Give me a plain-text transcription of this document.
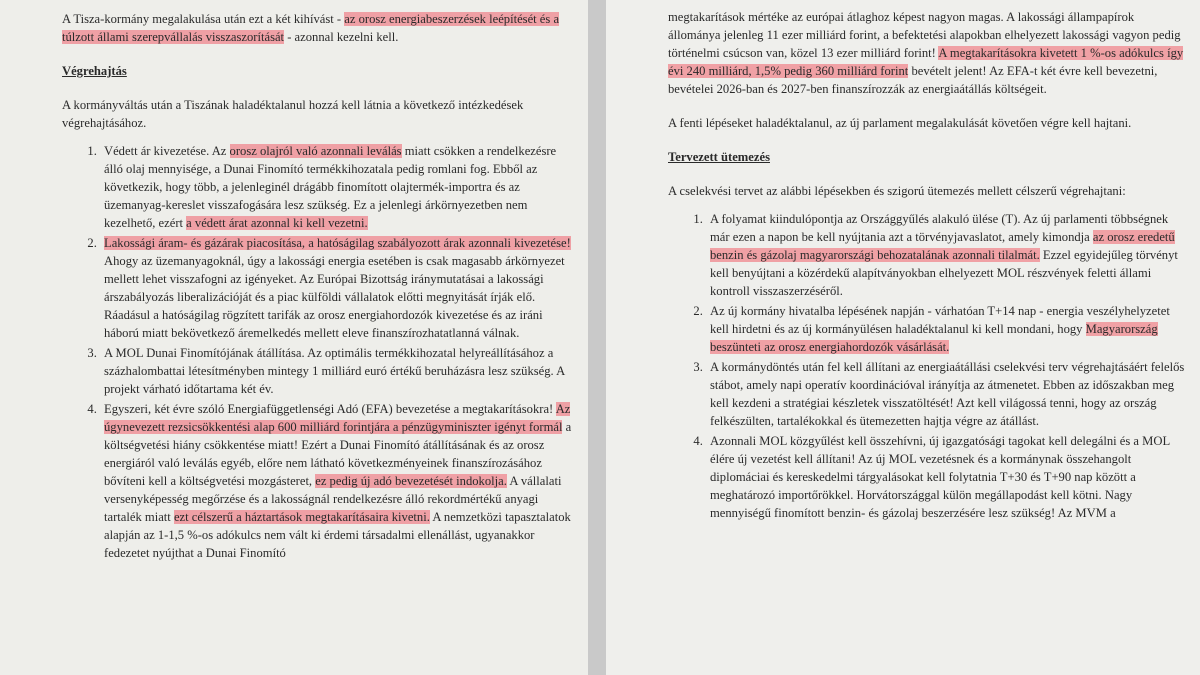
A Tisza-kormány megalakulása után ezt a két kihívást - az orosz energiabeszerzések leépítését és a túlzott állami szerepvállalás visszaszorítását - azonnal kezelni kell.

Végrehajtás

A kormányváltás után a Tiszának haladéktalanul hozzá kell látnia a következő intézkedések végrehajtásához.

1. Védett ár kivezetése. Az orosz olajról való azonnali leválás miatt csökken a rendelkezésre álló olaj mennyisége, a Dunai Finomító termékkihozatala pedig romlani fog. Ebből az következik, hogy több, a jelenleginél drágább finomított olajtermék-importra és az üzemanyag-kereslet visszafogására lesz szükség. Ez a jelenlegi árkörnyezetben nem kezelhető, ezért a védett árat azonnal ki kell vezetni.
2. Lakossági áram- és gázárak piacosítása, a hatóságilag szabályozott árak azonnali kivezetése! Ahogy az üzemanyagoknál, úgy a lakossági energia esetében is csak magasabb árkörnyezet mellett lehet visszafogni az igényeket. Az Európai Bizottság iránymutatásai a lakossági árszabályozás liberalizációját és a piac külföldi vállalatok előtti megnyitását írják elő. Ráadásul a hatóságilag rögzített tarifák az orosz energiahordozók kivezetése és az iráni háború miatt bekövetkező áremelkedés mellett eleve finanszírozhatatlanná válnak.
3. A MOL Dunai Finomítójának átállítása. Az optimális termékkihozatal helyreállításához a százhalombattai létesítményben mintegy 1 milliárd euró értékű beruházásra lesz szükség. A projekt várható időtartama két év.
4. Egyszeri, két évre szóló Energiafüggetlenségi Adó (EFA) bevezetése a megtakarításokra! Az úgynevezett rezsicsökkentési alap 600 milliárd forintjára a pénzügyminiszter igényt formál a költségvetési hiány csökkentése miatt! Ezért a Dunai Finomító átállításának és az orosz energiáról való leválás egyéb, előre nem látható következményeinek finanszírozásához bővíteni kell a költségvetési mozgásteret, ez pedig új adó bevezetését indokolja. A vállalati versenyképesség megőrzése és a lakosságnál rendelkezésre álló rekordmértékű anyagi tartalék miatt ezt célszerű a háztartások megtakarításaira kivetni. A nemzetközi tapasztalatok alapján az 1-1,5 %-os adókulcs nem vált ki érdemi társadalmi ellenállást, ugyanakkor fedezetet nyújthat a Dunai Finomító

megtakarítások mértéke az európai átlaghoz képest nagyon magas. A lakossági állampapírok állománya jelenleg 11 ezer milliárd forint, a befektetési alapokban elhelyezett lakossági vagyon pedig történelmi csúcson van, közel 13 ezer milliárd forint! A megtakarításokra kivetett 1 %-os adókulcs így évi 240 milliárd, 1,5% pedig 360 milliárd forint bevételt jelent! Az EFA-t két évre kell bevezetni, bevételei 2026-ban és 2027-ben finanszírozzák az energiaátállás költségeit.

A fenti lépéseket haladéktalanul, az új parlament megalakulását követően végre kell hajtani.

Tervezett ütemezés

A cselekvési tervet az alábbi lépésekben és szigorú ütemezés mellett célszerű végrehajtani:

1. A folyamat kiindulópontja az Országgyűlés alakuló ülése (T). Az új parlamenti többségnek már ezen a napon be kell nyújtania azt a törvényjavaslatot, amely kimondja az orosz eredetű benzin és gázolaj magyarországi behozatalának azonnali tilalmát. Ezzel egyidejűleg törvényt kell benyújtani a közérdekű alapítványokban elhelyezett MOL részvények feletti állami kontroll visszaszerzéséről.
2. Az új kormány hivatalba lépésének napján - várhatóan T+14 nap - energia veszélyhelyzetet kell hirdetni és az új kormányülésen haladéktalanul ki kell mondani, hogy Magyarország beszünteti az orosz energiahordozók vásárlását.
3. A kormánydöntés után fel kell állítani az energiaátállási cselekvési terv végrehajtásáért felelős stábot, amely napi operatív koordinációval irányítja az átmenetet. Ebben az időszakban meg kell kezdeni a stratégiai készletek visszatöltését! Azt kell világossá tenni, hogy az ország felkészülten, tartalékokkal és ütemezetten hajtja végre az átállást.
4. Azonnali MOL közgyűlést kell összehívni, új igazgatósági tagokat kell delegálni és a MOL élére új vezetést kell állítani! Az új MOL vezetésnek és a kormánynak összehangolt diplomáciai és kereskedelmi tárgyalásokat kell folytatnia T+30 és T+90 nap között a meghatározó importőrökkel. Horvátországgal külön megállapodást kell kötni. Nagy mennyiségű finomított benzin- és gázolaj beszerzésére lesz szükség! Az MVM a
